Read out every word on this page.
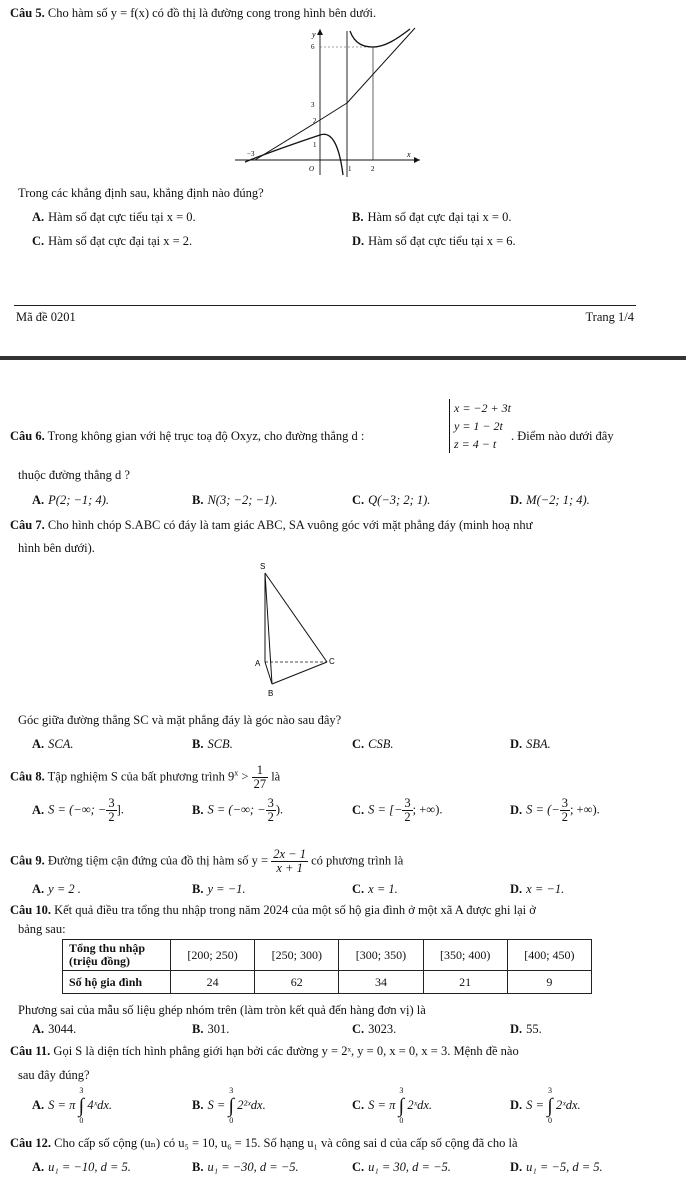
Câu 5. Cho hàm số y = f(x) có đồ thị là đường cong trong hình bên dưới.
y
x
O
6
3
2
1
−3
1	2
Trong các khẳng định sau, khẳng định nào đúng?
A. Hàm số đạt cực tiểu tại x = 0.	B. Hàm số đạt cực đại tại x = 0.
C. Hàm số đạt cực đại tại x = 2.	D. Hàm số đạt cực tiểu tại x = 6.
Mã đề 0201	Trang 1/4
Câu 6. Trong không gian với hệ trục toạ độ Oxyz, cho đường thẳng d :
x = −2 + 3t
y = 1 − 2t
z = 4 − t
. Điểm nào dưới đây
thuộc đường thẳng d ?
A. P(2; −1; 4).	B. N(3; −2; −1).	C. Q(−3; 2; 1).	D. M(−2; 1; 4).
Câu 7. Cho hình chóp S.ABC có đáy là tam giác ABC, SA vuông góc với mặt phẳng đáy (minh hoạ như
hình bên dưới).
S
A
B
C
Góc giữa đường thẳng SC và mặt phẳng đáy là góc nào sau đây?
A. SCA.	B. SCB.	C. CSB.	D. SBA.
Câu 8. Tập nghiệm S của bất phương trình $9^x > \frac{1}{27}$ là
A. S = (−∞; − $\frac{3}{2}$ ].	B. S = (−∞; − $\frac{3}{2}$ ).	C. S = [− $\frac{3}{2}$ ; +∞).	D. S = (− $\frac{3}{2}$ ; +∞).
Câu 9. Đường tiệm cận đứng của đồ thị hàm số $y = \frac{2x - 1}{x + 1}$ có phương trình là
A. y = 2 .	B. y = −1.	C. x = 1.	D. x = −1.
Câu 10. Kết quả điều tra tổng thu nhập trong năm 2024 của một số hộ gia đình ở một xã A được ghi lại ở
bảng sau:
Tổng thu nhập (triệu đồng)	[200; 250)	[250; 300)	[300; 350)	[350; 400)	[400; 450)
Số hộ gia đình	24	62	34	21	9
Phương sai của mẫu số liệu ghép nhóm trên (làm tròn kết quả đến hàng đơn vị) là
A. 3044.	B. 301.	C. 3023.	D. 55.
Câu 11. Gọi S là diện tích hình phẳng giới hạn bởi các đường y = 2ˣ, y = 0, x = 0, x = 3. Mệnh đề nào
sau đây đúng?
A. S = π
3
∫
0
4ˣdx.	B. S =
3
∫
0
2²ˣdx.	C. S = π
3
∫
0
2ˣdx.	D. S =
3
∫
0
2ˣdx.
Câu 12. Cho cấp số cộng (uₙ) có u₅ = 10, u₆ = 15. Số hạng u₁ và công sai d của cấp số cộng đã cho là
A. u₁ = −10, d = 5.	B. u₁ = −30, d = −5.	C. u₁ = 30, d = −5.	D. u₁ = −5, d = 5.
